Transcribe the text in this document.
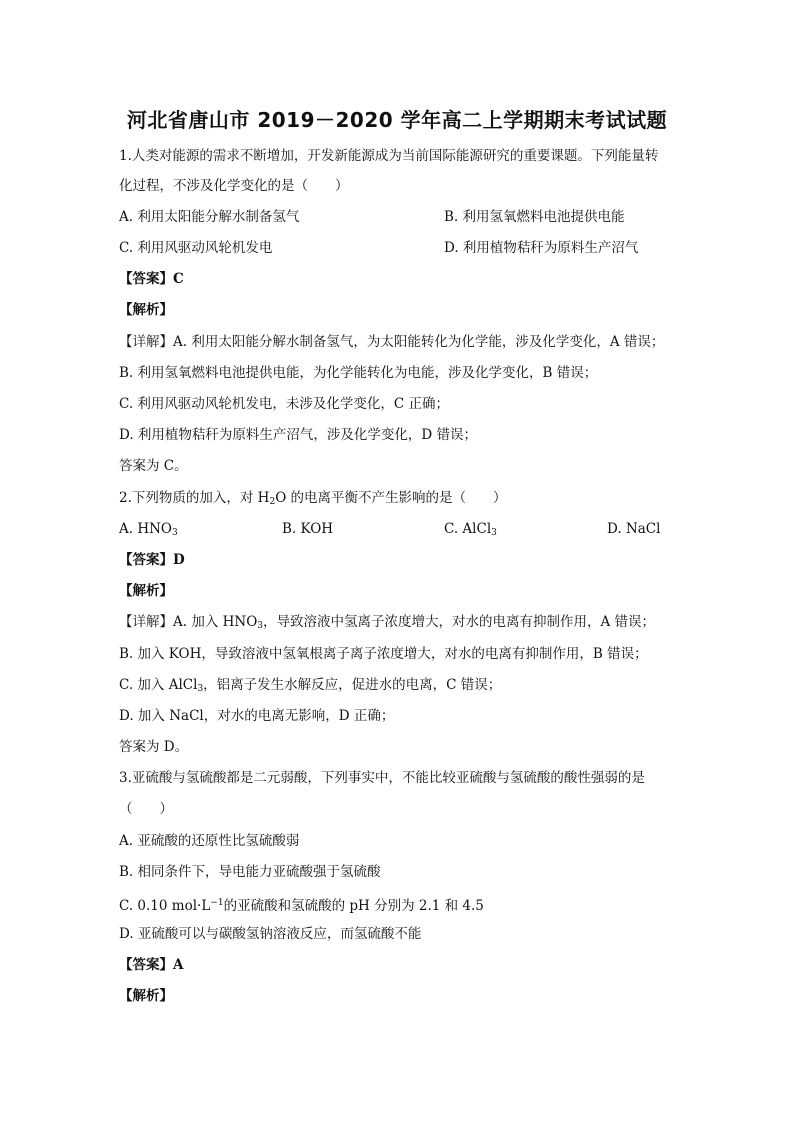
河北省唐山市 2019－2020 学年高二上学期期末考试试题
1.人类对能源的需求不断增加，开发新能源成为当前国际能源研究的重要课题。下列能量转
化过程，不涉及化学变化的是（　　）
A. 利用太阳能分解水制备氢气	B. 利用氢氧燃料电池提供电能
C. 利用风驱动风轮机发电	D. 利用植物秸秆为原料生产沼气
【答案】C
【解析】
【详解】A. 利用太阳能分解水制备氢气，为太阳能转化为化学能，涉及化学变化，A 错误；
B. 利用氢氧燃料电池提供电能，为化学能转化为电能，涉及化学变化，B 错误；
C. 利用风驱动风轮机发电，未涉及化学变化，C 正确；
D. 利用植物秸秆为原料生产沼气，涉及化学变化，D 错误；
答案为 C。
2.下列物质的加入，对 $H_2O$ 的电离平衡不产生影响的是（　　）
A. $HNO_3$	B. KOH	C. AlCl$_3$	D. NaCl
【答案】D
【解析】
【详解】A. 加入 $HNO_3$，导致溶液中氢离子浓度增大，对水的电离有抑制作用，A 错误；
B. 加入 KOH，导致溶液中氢氧根离子离子浓度增大，对水的电离有抑制作用，B 错误；
C. 加入 AlCl$_3$，铝离子发生水解反应，促进水的电离，C 错误；
D. 加入 NaCl，对水的电离无影响，D 正确；
答案为 D。
3.亚硫酸与氢硫酸都是二元弱酸，下列事实中，不能比较亚硫酸与氢硫酸的酸性强弱的是
（　　）
A. 亚硫酸的还原性比氢硫酸弱
B. 相同条件下，导电能力亚硫酸强于氢硫酸
C. 0.10 $mol\cdot L^{-1}$的亚硫酸和氢硫酸的 pH 分别为 2.1 和 4.5
D. 亚硫酸可以与碳酸氢钠溶液反应，而氢硫酸不能
【答案】A
【解析】
